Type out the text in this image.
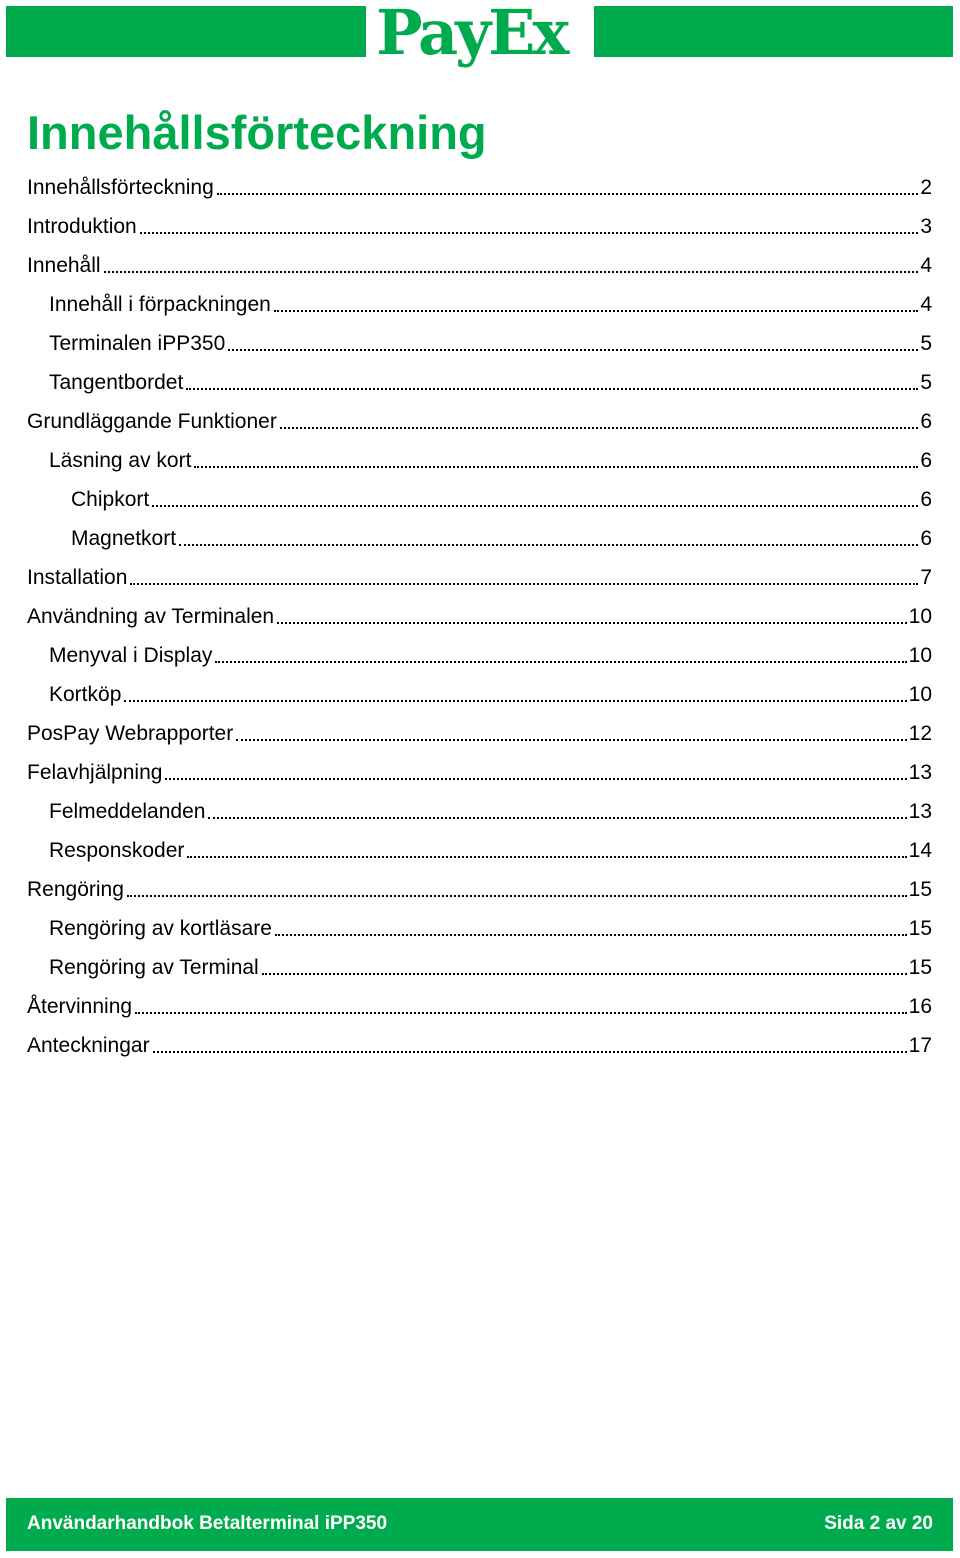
PayEx
Innehållsförteckning
Innehållsförteckning	2
Introduktion	3
Innehåll	4
Innehåll i förpackningen	4
Terminalen iPP350	5
Tangentbordet	5
Grundläggande Funktioner	6
Läsning av kort	6
Chipkort	6
Magnetkort	6
Installation	7
Användning av Terminalen	10
Menyval i Display	10
Kortköp	10
PosPay Webrapporter	12
Felavhjälpning	13
Felmeddelanden	13
Responskoder	14
Rengöring	15
Rengöring av kortläsare	15
Rengöring av Terminal	15
Återvinning	16
Anteckningar	17
Användarhandbok Betalterminal iPP350	Sida 2 av 20
